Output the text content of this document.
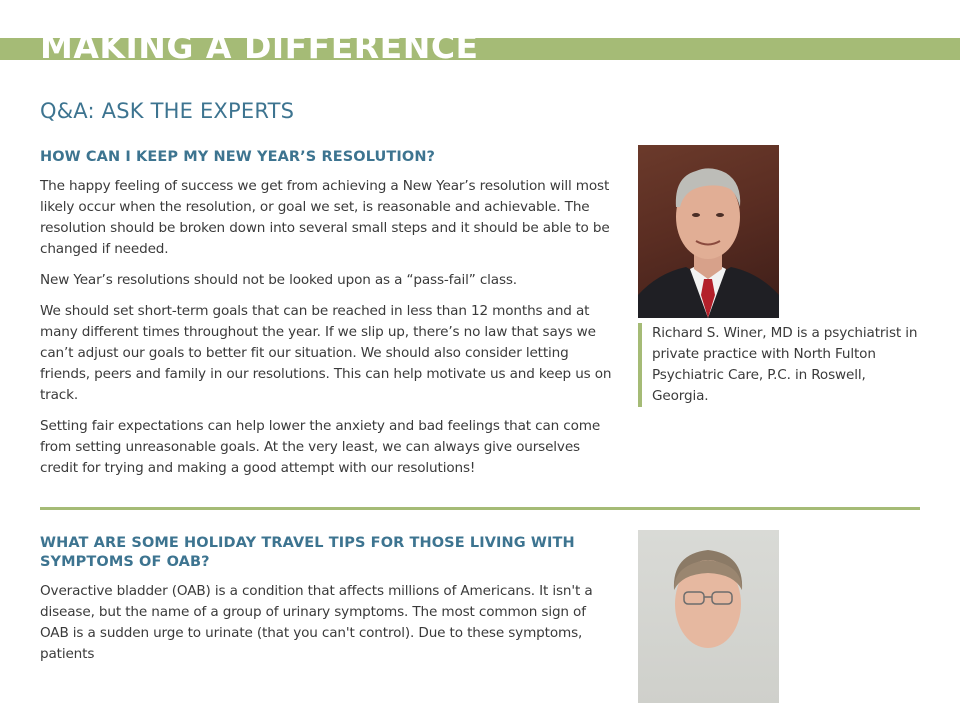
MAKING A DIFFERENCE
Q&A: ASK THE EXPERTS
HOW CAN I KEEP MY NEW YEAR’S RESOLUTION?

The happy feeling of success we get from achieving a New Year’s resolution will most likely occur when the resolution, or goal we set, is reasonable and achievable. The resolution should be broken down into several small steps and it should be able to be changed if needed.

New Year’s resolutions should not be looked upon as a “pass-fail” class.

We should set short-term goals that can be reached in less than 12 months and at many different times throughout the year. If we slip up, there’s no law that says we can’t adjust our goals to better fit our situation. We should also consider letting friends, peers and family in our resolutions. This can help motivate us and keep us on track.

Setting fair expectations can help lower the anxiety and bad feelings that can come from setting unreasonable goals. At the very least, we can always give ourselves credit for trying and making a good attempt with our resolutions!

Richard S. Winer, MD is a psychiatrist in private practice with North Fulton Psychiatric Care, P.C. in Roswell, Georgia.
WHAT ARE SOME HOLIDAY TRAVEL TIPS FOR THOSE LIVING WITH SYMPTOMS OF OAB?

Overactive bladder (OAB) is a condition that affects millions of Americans. It isn't a disease, but the name of a group of urinary symptoms. The most common sign of OAB is a sudden urge to urinate (that you can't control). Due to these symptoms, patients
